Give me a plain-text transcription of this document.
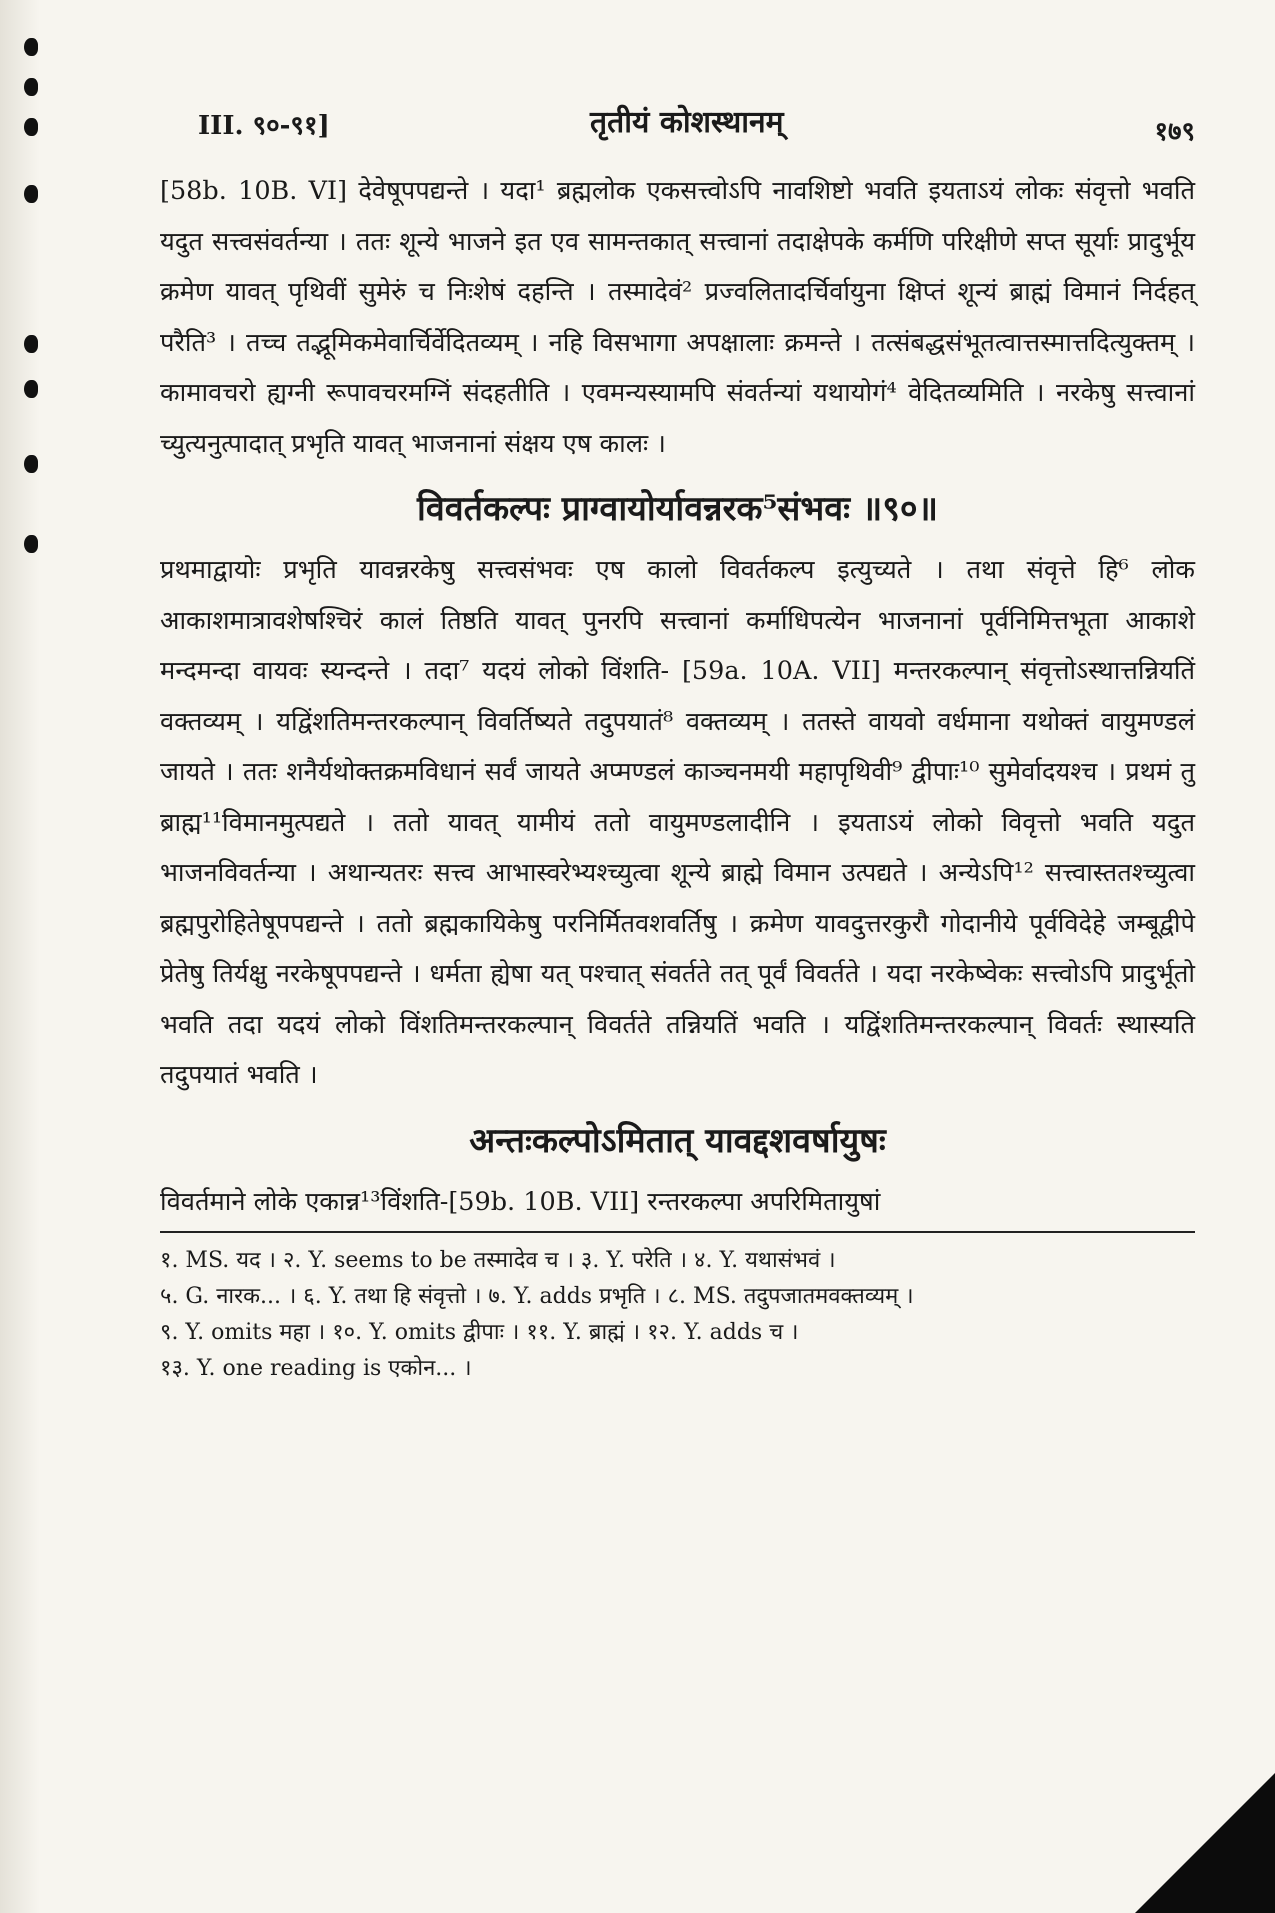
III. ९०-९१]	तृतीयं कोशस्थानम्	१७९

[58b. 10B. VI] देवेषूपपद्यन्ते । यदा¹ ब्रह्मलोक एकसत्त्वोऽपि नावशिष्टो भवति इयताऽयं लोकः संवृत्तो भवति यदुत सत्त्वसंवर्तन्या । ततः शून्ये भाजने इत एव सामन्तकात् सत्त्वानां तदाक्षेपके कर्मणि परिक्षीणे सप्त सूर्याः प्रादुर्भूय क्रमेण यावत् पृथिवीं सुमेरुं च निःशेषं दहन्ति । तस्मादेवं² प्रज्वलितादर्चिर्वायुना क्षिप्तं शून्यं ब्राह्मं विमानं निर्दहत् परैति³ । तच्च तद्भूमिकमेवार्चिर्वेदितव्यम् । नहि विसभागा अपक्षालाः क्रमन्ते । तत्संबद्धसंभूतत्वात्तस्मात्तदित्युक्तम् । कामावचरो ह्यग्नी रूपावचरमग्निं संदहतीति । एवमन्यस्यामपि संवर्तन्यां यथायोगं⁴ वेदितव्यमिति । नरकेषु सत्त्वानां च्युत्यनुत्पादात् प्रभृति यावत् भाजनानां संक्षय एष कालः ।

विवर्तकल्पः प्राग्वायोर्यावन्नरक⁵संभवः ॥९०॥

प्रथमाद्वायोः प्रभृति यावन्नरकेषु सत्त्वसंभवः एष कालो विवर्तकल्प इत्युच्यते । तथा संवृत्ते हि⁶ लोक आकाशमात्रावशेषश्चिरं कालं तिष्ठति यावत् पुनरपि सत्त्वानां कर्माधिपत्येन भाजनानां पूर्वनिमित्तभूता आकाशे मन्दमन्दा वायवः स्यन्दन्ते । तदा⁷ यदयं लोको विंशति- [59a. 10A. VII] मन्तरकल्पान् संवृत्तोऽस्थात्तन्नियतिं वक्तव्यम् । यद्विंशतिमन्तरकल्पान् विवर्तिष्यते तदुपयातं⁸ वक्तव्यम् । ततस्ते वायवो वर्धमाना यथोक्तं वायुमण्डलं जायते । ततः शनैर्यथोक्तक्रमविधानं सर्वं जायते अप्मण्डलं काञ्चनमयी महापृथिवी⁹ द्वीपाः¹⁰ सुमेर्वादयश्च । प्रथमं तु ब्राह्म¹¹विमानमुत्पद्यते । ततो यावत् यामीयं ततो वायुमण्डलादीनि । इयताऽयं लोको विवृत्तो भवति यदुत भाजनविवर्तन्या । अथान्यतरः सत्त्व आभास्वरेभ्यश्च्युत्वा शून्ये ब्राह्मे विमान उत्पद्यते । अन्येऽपि¹² सत्त्वास्ततश्च्युत्वा ब्रह्मपुरोहितेषूपपद्यन्ते । ततो ब्रह्मकायिकेषु परनिर्मितवशवर्तिषु । क्रमेण यावदुत्तरकुरौ गोदानीये पूर्वविदेहे जम्बूद्वीपे प्रेतेषु तिर्यक्षु नरकेषूपपद्यन्ते । धर्मता ह्येषा यत् पश्चात् संवर्तते तत् पूर्वं विवर्तते । यदा नरकेष्वेकः सत्त्वोऽपि प्रादुर्भूतो भवति तदा यदयं लोको विंशतिमन्तरकल्पान् विवर्तते तन्नियतिं भवति । यद्विंशतिमन्तरकल्पान् विवर्तः स्थास्यति तदुपयातं भवति ।

अन्तःकल्पोऽमितात् यावद्दशवर्षायुषः

विवर्तमाने लोके एकान्न¹³विंशति-[59b. 10B. VII] रन्तरकल्पा अपरिमितायुषां

१. MS. यद । २. Y. seems to be तस्मादेव च । ३. Y. परेति । ४. Y. यथासंभवं ।
५. G. नारक... । ६. Y. तथा हि संवृत्तो । ७. Y. adds प्रभृति । ८. MS. तदुपजातमवक्तव्यम् ।
९. Y. omits महा । १०. Y. omits द्वीपाः । ११. Y. ब्राह्मं । १२. Y. adds च ।
१३. Y. one reading is एकोन... ।
